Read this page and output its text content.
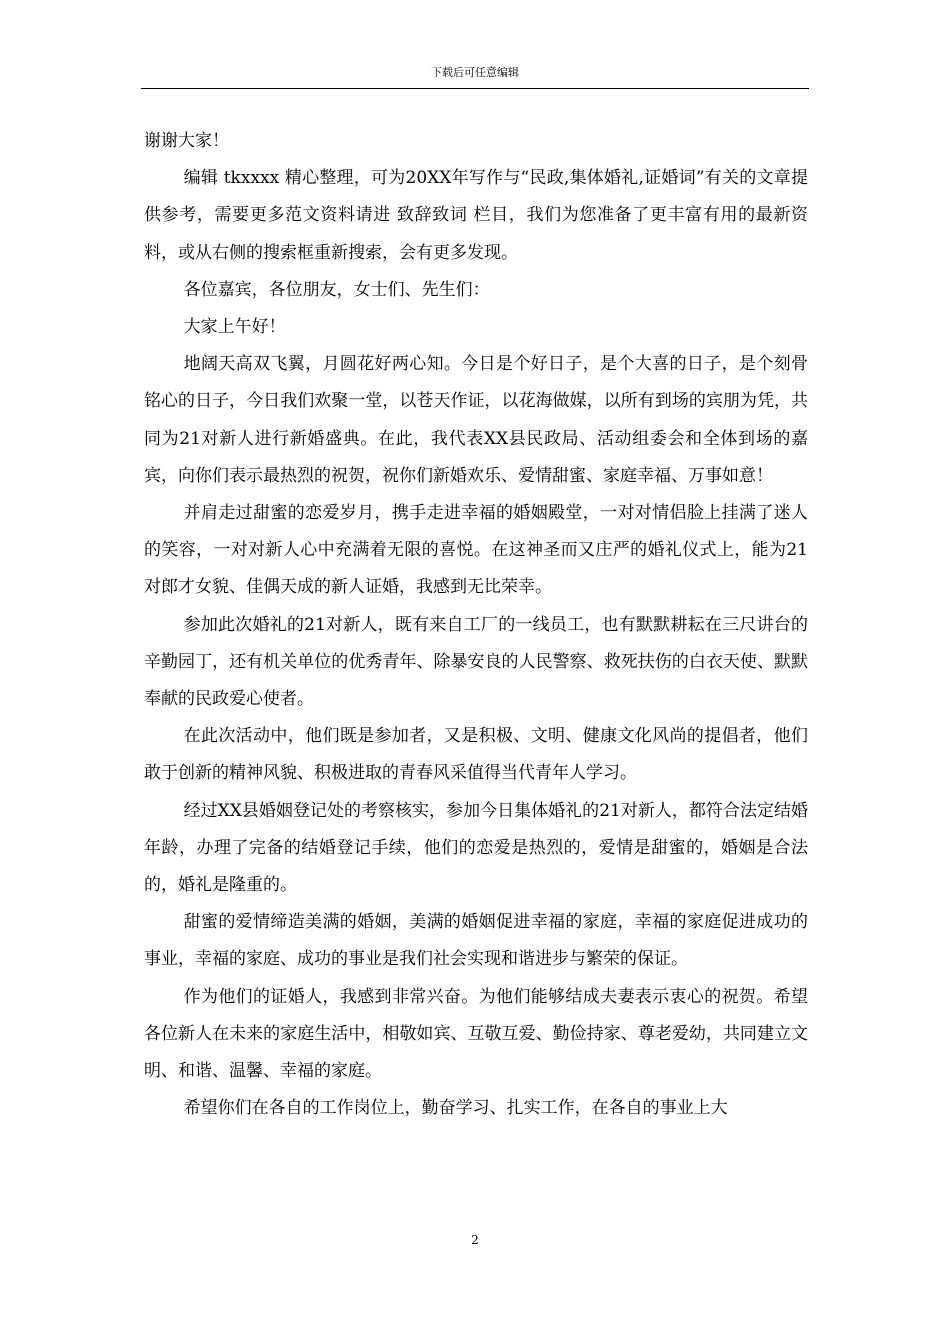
下载后可任意编辑

谢谢大家！

编辑 tkxxxx 精心整理，可为20XX年写作与“民政,集体婚礼,证婚词”有关的文章提供参考，需要更多范文资料请进 致辞致词 栏目，我们为您准备了更丰富有用的最新资料，或从右侧的搜索框重新搜索，会有更多发现。

各位嘉宾，各位朋友，女士们、先生们：

大家上午好！

地阔天高双飞翼，月圆花好两心知。今日是个好日子，是个大喜的日子，是个刻骨铭心的日子，今日我们欢聚一堂，以苍天作证，以花海做媒，以所有到场的宾朋为凭，共同为21对新人进行新婚盛典。在此，我代表XX县民政局、活动组委会和全体到场的嘉宾，向你们表示最热烈的祝贺，祝你们新婚欢乐、爱情甜蜜、家庭幸福、万事如意！

并肩走过甜蜜的恋爱岁月，携手走进幸福的婚姻殿堂，一对对情侣脸上挂满了迷人的笑容，一对对新人心中充满着无限的喜悦。在这神圣而又庄严的婚礼仪式上，能为21对郎才女貌、佳偶天成的新人证婚，我感到无比荣幸。

参加此次婚礼的21对新人，既有来自工厂的一线员工，也有默默耕耘在三尺讲台的辛勤园丁，还有机关单位的优秀青年、除暴安良的人民警察、救死扶伤的白衣天使、默默奉献的民政爱心使者。

在此次活动中，他们既是参加者，又是积极、文明、健康文化风尚的提倡者，他们敢于创新的精神风貌、积极进取的青春风采值得当代青年人学习。

经过XX县婚姻登记处的考察核实，参加今日集体婚礼的21对新人，都符合法定结婚年龄，办理了完备的结婚登记手续，他们的恋爱是热烈的，爱情是甜蜜的，婚姻是合法的，婚礼是隆重的。

甜蜜的爱情缔造美满的婚姻，美满的婚姻促进幸福的家庭，幸福的家庭促进成功的事业，幸福的家庭、成功的事业是我们社会实现和谐进步与繁荣的保证。

作为他们的证婚人，我感到非常兴奋。为他们能够结成夫妻表示衷心的祝贺。希望各位新人在未来的家庭生活中，相敬如宾、互敬互爱、勤俭持家、尊老爱幼，共同建立文明、和谐、温馨、幸福的家庭。

希望你们在各自的工作岗位上，勤奋学习、扎实工作，在各自的事业上大

2
